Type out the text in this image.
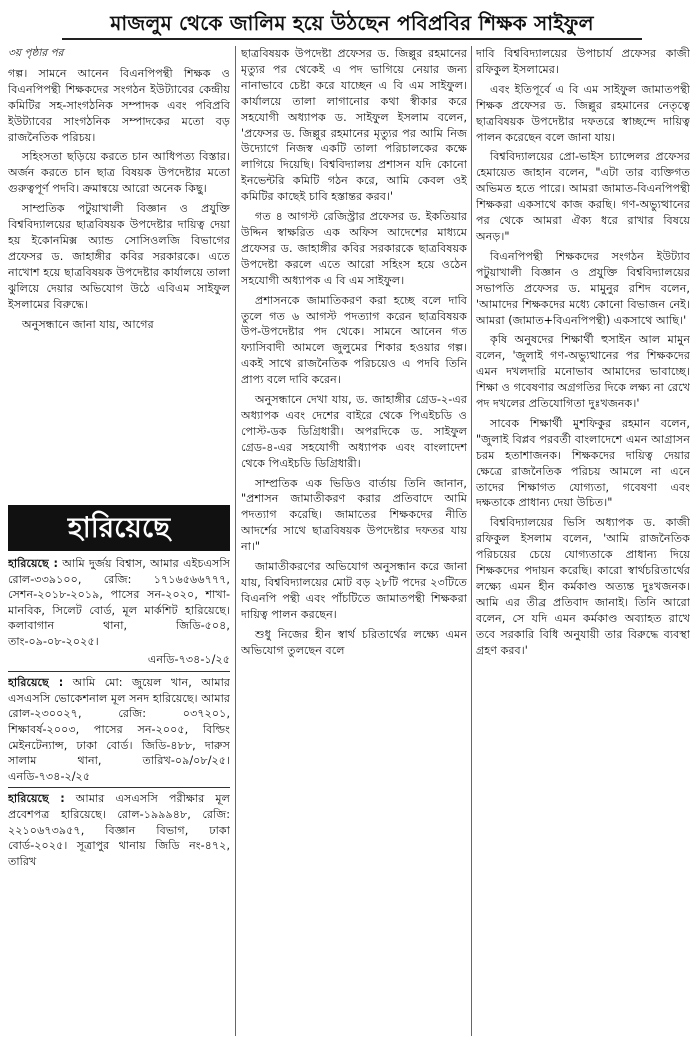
মাজলুম থেকে জালিম হয়ে উঠছেন পবিপ্রবির শিক্ষক সাইফুল

৩য় পৃষ্ঠার পর

গল্প। সামনে আনেন বিএনপিপন্থী শিক্ষক ও বিএনপিপন্থী শিক্ষকদের সংগঠন ইউট্যাবের কেন্দ্রীয় কমিটির সহ-সাংগঠনিক সম্পাদক এবং পবিপ্রবি ইউট্যাবের সাংগঠনিক সম্পাদকের মতো বড় রাজনৈতিক পরিচয়।

সহিংসতা ছড়িয়ে করতে চান আধিপত্য বিস্তার। অর্জন করতে চান ছাত্র বিষয়ক উপদেষ্টার মতো গুরুত্বপূর্ণ পদবি। ক্রমান্বয়ে আরো অনেক কিছু।

সাম্প্রতিক পটুয়াখালী বিজ্ঞান ও প্রযুক্তি বিশ্ববিদ্যালয়ের ছাত্রবিষয়ক উপদেষ্টার দায়িত্ব দেয়া হয় ইকোনমিক্স অ্যান্ড সোসিওলজি বিভাগের প্রফেসর ড. জাহাঙ্গীর কবির সরকারকে। এতে নাখোশ হয়ে ছাত্রবিষয়ক উপদেষ্টার কার্যালয়ে তালা ঝুলিয়ে দেয়ার অভিযোগ উঠে এবিএম সাইফুল ইসলামের বিরুদ্ধে।

অনুসন্ধানে জানা যায়, আগের

হারিয়েছে
হারিয়েছে : আমি দুর্জয় বিশ্বাস, আমার এইচএসসি রোল-৩৩৯১০০, রেজি: ১৭১৬৫৬৬৭৭৭, সেশন-২০১৮-২০১৯, পাসের সন-২০২০, শাখা-মানবিক, সিলেট বোর্ড, মূল মার্কশিট হারিয়েছে। কলাবাগান থানা, জিডি-৫০৪, তাং-০৯-০৮-২০২৫।
এনডি-৭৩৪-১/২৫
হারিয়েছে : আমি মো: জুয়েল খান, আমার এসএসসি ভোকেশনাল মূল সনদ হারিয়েছে। আমার রোল-২৩০০২৭, রেজি: ০৩৭২০১, শিক্ষাবর্ষ-২০০৩, পাসের সন-২০০৫, বিল্ডিং মেইনটেন্যান্স, ঢাকা বোর্ড। জিডি-৪৮৮, দারুস সালাম থানা, তারিখ-০৯/০৮/২৫। এনডি-৭৩৪-২/২৫
হারিয়েছে : আমার এসএসসি পরীক্ষার মূল প্রবেশপত্র হারিয়েছে। রোল-১৯৯৯৪৮, রেজি: ২২১০৬৭৩৯৫৭, বিজ্ঞান বিভাগ, ঢাকা বোর্ড-২০২৫। সূত্রাপুর থানায় জিডি নং-৪৭২, তারিখ

ছাত্রবিষয়ক উপদেষ্টা প্রফেসর ড. জিল্লুর রহমানের মৃত্যুর পর থেকেই এ পদ ভাগিয়ে নেয়ার জন্য নানাভাবে চেষ্টা করে যাচ্ছেন এ বি এম সাইফুল। কার্যালয়ে তালা লাগানোর কথা স্বীকার করে সহযোগী অধ্যাপক ড. সাইফুল ইসলাম বলেন, 'প্রফেসর ড. জিল্লুর রহমানের মৃত্যুর পর আমি নিজ উদ্যোগে নিজস্ব একটি তালা পরিচালকের কক্ষে লাগিয়ে দিয়েছি। বিশ্ববিদ্যালয় প্রশাসন যদি কোনো ইনভেন্টরি কমিটি গঠন করে, আমি কেবল ওই কমিটির কাছেই চাবি হস্তান্তর করব।'

গত ৪ আগস্ট রেজিস্ট্রার প্রফেসর ড. ইকতিয়ার উদ্দিন স্বাক্ষরিত এক অফিস আদেশের মাধ্যমে প্রফেসর ড. জাহাঙ্গীর কবির সরকারকে ছাত্রবিষয়ক উপদেষ্টা করলে এতে আরো সহিংস হয়ে ওঠেন সহযোগী অধ্যাপক এ বি এম সাইফুল।

প্রশাসনকে জামাতিকরণ করা হচ্ছে বলে দাবি তুলে গত ৬ আগস্ট পদত্যাগ করেন ছাত্রবিষয়ক উপ-উপদেষ্টার পদ থেকে। সামনে আনেন গত ফ্যাসিবাদী আমলে জুলুমের শিকার হওয়ার গল্প। একই সাথে রাজনৈতিক পরিচয়েও এ পদবি তিনি প্রাপ্য বলে দাবি করেন।

অনুসন্ধানে দেখা যায়, ড. জাহাঙ্গীর গ্রেড-২-এর অধ্যাপক এবং দেশের বাইরে থেকে পিএইচডি ও পোস্ট-ডক ডিগ্রিধারী। অপরদিকে ড. সাইফুল গ্রেড-৪-এর সহযোগী অধ্যাপক এবং বাংলাদেশ থেকে পিএইচডি ডিগ্রিধারী।

সাম্প্রতিক এক ভিডিও বার্তায় তিনি জানান, "প্রশাসন জামাতীকরণ করার প্রতিবাদে আমি পদত্যাগ করেছি। জামাতের শিক্ষকদের নীতি আদর্শের সাথে ছাত্রবিষয়ক উপদেষ্টার দফতর যায় না।"

জামাতীকরণের অভিযোগ অনুসন্ধান করে জানা যায়, বিশ্ববিদ্যালয়ের মোট বড় ২৮টি পদের ২৩টিতে বিএনপি পন্থী এবং পাঁচটিতে জামাতপন্থী শিক্ষকরা দায়িত্ব পালন করছেন।

শুধু নিজের হীন স্বার্থ চরিতার্থের লক্ষ্যে এমন অভিযোগ তুলছেন বলে

দাবি বিশ্ববিদ্যালয়ের উপাচার্য প্রফেসর কাজী রফিকুল ইসলামের।

এবং ইতিপূর্বে এ বি এম সাইফুল জামাতপন্থী শিক্ষক প্রফেসর ড. জিল্লুর রহমানের নেতৃত্বে ছাত্রবিষয়ক উপদেষ্টার দফতরে স্বাচ্ছন্দে দায়িত্ব পালন করেছেন বলে জানা যায়।

বিশ্ববিদ্যালয়ের প্রো-ভাইস চ্যান্সেলর প্রফেসর হেমায়েত জাহান বলেন, "এটা তার ব্যক্তিগত অভিমত হতে পারে। আমরা জামাত-বিএনপিপন্থী শিক্ষকরা একসাথে কাজ করছি। গণ-অভ্যুত্থানের পর থেকে আমরা ঐক্য ধরে রাখার বিষয়ে অনড়।"

বিএনপিপন্থী শিক্ষকদের সংগঠন ইউট্যাব পটুয়াখালী বিজ্ঞান ও প্রযুক্তি বিশ্ববিদ্যালয়ের সভাপতি প্রফেসর ড. মামুনুর রশিদ বলেন, 'আমাদের শিক্ষকদের মধ্যে কোনো বিভাজন নেই। আমরা (জামাত+বিএনপিপন্থী) একসাথে আছি।'

কৃষি অনুষদের শিক্ষার্থী হুসাইন আল মামুন বলেন, 'জুলাই গণ-অভ্যুত্থানের পর শিক্ষকদের এমন দখলদারি মনোভাব আমাদের ভাবাচ্ছে। শিক্ষা ও গবেষণার অগ্রগতির দিকে লক্ষ্য না রেখে পদ দখলের প্রতিযোগিতা দুঃখজনক।'

সাবেক শিক্ষার্থী মুশফিকুর রহমান বলেন, "জুলাই বিপ্লব পরবর্তী বাংলাদেশে এমন আগ্রাসন চরম হতাশাজনক। শিক্ষকদের দায়িত্ব দেয়ার ক্ষেত্রে রাজনৈতিক পরিচয় আমলে না এনে তাদের শিক্ষাগত যোগ্যতা, গবেষণা এবং দক্ষতাকে প্রাধান্য দেয়া উচিত।"

বিশ্ববিদ্যালয়ের ভিসি অধ্যাপক ড. কাজী রফিকুল ইসলাম বলেন, 'আমি রাজনৈতিক পরিচয়ের চেয়ে যোগ্যতাকে প্রাধান্য দিয়ে শিক্ষকদের পদায়ন করেছি। কারো স্বার্থচরিতার্থের লক্ষ্যে এমন হীন কর্মকাণ্ড অত্যন্ত দুঃখজনক। আমি এর তীব্র প্রতিবাদ জানাই। তিনি আরো বলেন, সে যদি এমন কর্মকাণ্ড অব্যাহত রাখে তবে সরকারি বিধি অনুযায়ী তার বিরুদ্ধে ব্যবস্থা গ্রহণ করব।'
